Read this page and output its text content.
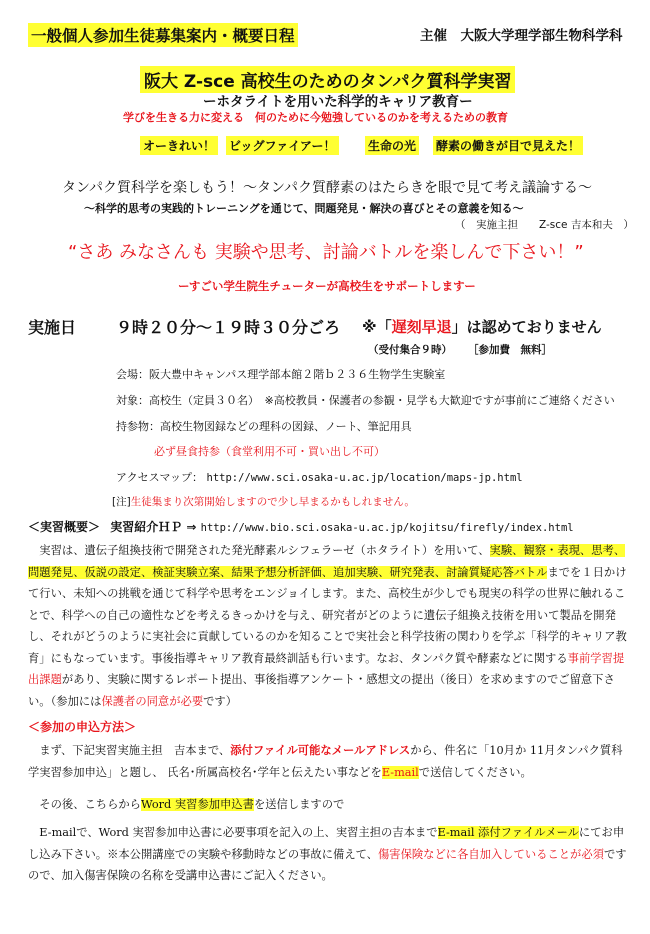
一般個人参加生徒募集案内・概要日程	主催　大阪大学理学部生物科学科
阪大 Z-sce 高校生のためのタンパク質科学実習
ーホタライトを用いた科学的キャリア教育ー
学びを生きる力に変える　何のために今勉強しているのかを考えるための教育
オーきれい！ ビッグファイアー！	生命の光 酵素の働きが目で見えた！
タンパク質科学を楽しもう！～タンパク質酵素のはたらきを眼で見て考え議論する～
～科学的思考の実践的トレーニングを通じて、問題発見・解決の喜びとその意義を知る～
（　実施主担　　Z-sce 吉本和夫　）
“さあ みなさんも 実験や思考、討論バトルを楽しんで下さい！”
ーすごい学生院生チューターが高校生をサポートしますー
実施日 ９時２０分～１９時３０分ごろ ※「遅刻早退」は認めておりません
（受付集合９時） ［参加費　無料］
会場：阪大豊中キャンパス理学部本館２階ｂ２３６生物学生実験室
対象：高校生（定員３０名）　※高校教員・保護者の参観・見学も大歓迎ですが事前にご連絡ください
持参物：高校生物図録などの理科の図録、ノート、筆記用具
必ず昼食持参（食堂利用不可・買い出し不可）
アクセスマップ： http://www.sci.osaka-u.ac.jp/location/maps-jp.html
[注]生徒集まり次第開始しますので少し早まるかもしれません。
＜実習概要＞ 実習紹介ＨＰ ⇒ http://www.bio.sci.osaka-u.ac.jp/kojitsu/firefly/index.html
　実習は、遺伝子組換技術で開発された発光酵素ルシフェラーゼ（ホタライト）を用いて、実験、観察・表現、思考、問題発見、仮説の設定、検証実験立案、結果予想分析評価、追加実験、研究発表、討論質疑応答バトルまでを１日かけて行い、未知への挑戦を通じて科学や思考をエンジョイします。また、高校生が少しでも現実の科学の世界に触れることで、科学への自己の適性などを考えるきっかけを与え、研究者がどのように遺伝子組換え技術を用いて製品を開発し、それがどうのように実社会に貢献しているのかを知ることで実社会と科学技術の関わりを学ぶ「科学的キャリア教育」にもなっています。事後指導キャリア教育最終訓話も行います。なお、タンパク質や酵素などに関する事前学習提出課題があり、実験に関するレポート提出、事後指導アンケート・感想文の提出（後日）を求めますのでご留意下さい。（参加には保護者の同意が必要です）
＜参加の申込方法＞
　まず、下記実習実施主担　吉本まで、添付ファイル可能なメールアドレスから、件名に「10月か 11月タンパク質科学実習参加申込」と題し、 氏名･所属高校名･学年と伝えたい事などをE-mailで送信してください。
　その後、こちらからWord 実習参加申込書を送信しますので
　E-mailで、Word 実習参加申込書に必要事項を記入の上、実習主担の吉本までE-mail 添付ファイルメールにてお申し込み下さい。※本公開講座での実験や移動時などの事故に備えて、傷害保険などに各自加入していることが必須ですので、加入傷害保険の名称を受講申込書にご記入ください。
